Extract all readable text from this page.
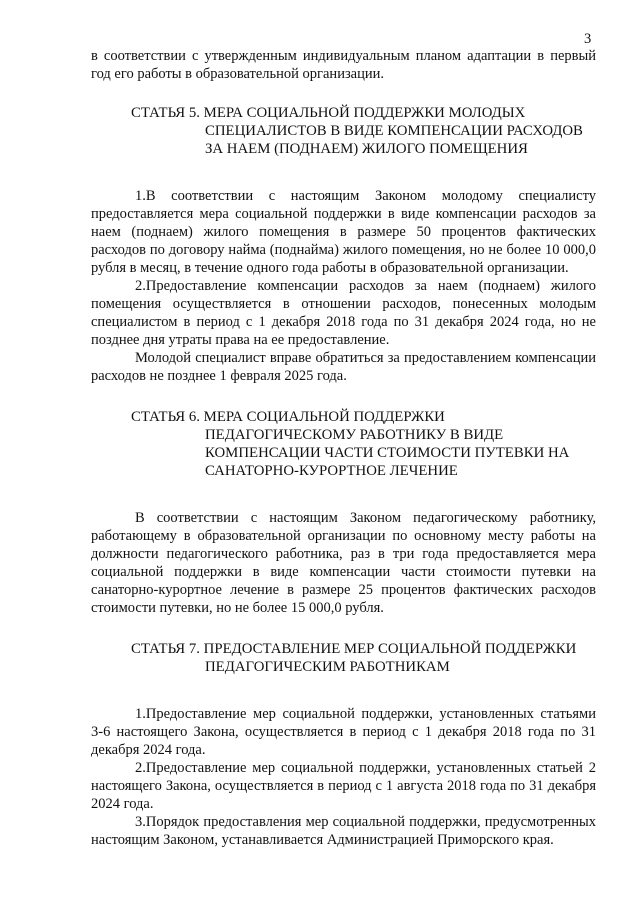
3

в соответствии с утвержденным индивидуальным планом адаптации в первый год его работы в образовательной организации.

СТАТЬЯ 5. МЕРА СОЦИАЛЬНОЙ ПОДДЕРЖКИ МОЛОДЫХ СПЕЦИАЛИСТОВ В ВИДЕ КОМПЕНСАЦИИ РАСХОДОВ ЗА НАЕМ (ПОДНАЕМ) ЖИЛОГО ПОМЕЩЕНИЯ

1.В соответствии с настоящим Законом молодому специалисту предоставляется мера социальной поддержки в виде компенсации расходов за наем (поднаем) жилого помещения в размере 50 процентов фактических расходов по договору найма (поднайма) жилого помещения, но не более 10 000,0 рубля в месяц, в течение одного года работы в образовательной организации.

2.Предоставление компенсации расходов за наем (поднаем) жилого помещения осуществляется в отношении расходов, понесенных молодым специалистом в период с 1 декабря 2018 года по 31 декабря 2024 года, но не позднее дня утраты права на ее предоставление.

Молодой специалист вправе обратиться за предоставлением компенсации расходов не позднее 1 февраля 2025 года.

СТАТЬЯ 6. МЕРА СОЦИАЛЬНОЙ ПОДДЕРЖКИ ПЕДАГОГИЧЕСКОМУ РАБОТНИКУ В ВИДЕ КОМПЕНСАЦИИ ЧАСТИ СТОИМОСТИ ПУТЕВКИ НА САНАТОРНО-КУРОРТНОЕ ЛЕЧЕНИЕ

В соответствии с настоящим Законом педагогическому работнику, работающему в образовательной организации по основному месту работы на должности педагогического работника, раз в три года предоставляется мера социальной поддержки в виде компенсации части стоимости путевки на санаторно-курортное лечение в размере 25 процентов фактических расходов стоимости путевки, но не более 15 000,0 рубля.

СТАТЬЯ 7. ПРЕДОСТАВЛЕНИЕ МЕР СОЦИАЛЬНОЙ ПОДДЕРЖКИ ПЕДАГОГИЧЕСКИМ РАБОТНИКАМ

1.Предоставление мер социальной поддержки, установленных статьями 3-6 настоящего Закона, осуществляется в период с 1 декабря 2018 года по 31 декабря 2024 года.

2.Предоставление мер социальной поддержки, установленных статьей 2 настоящего Закона, осуществляется в период с 1 августа 2018 года по 31 декабря 2024 года.

3.Порядок предоставления мер социальной поддержки, предусмотренных настоящим Законом, устанавливается Администрацией Приморского края.
